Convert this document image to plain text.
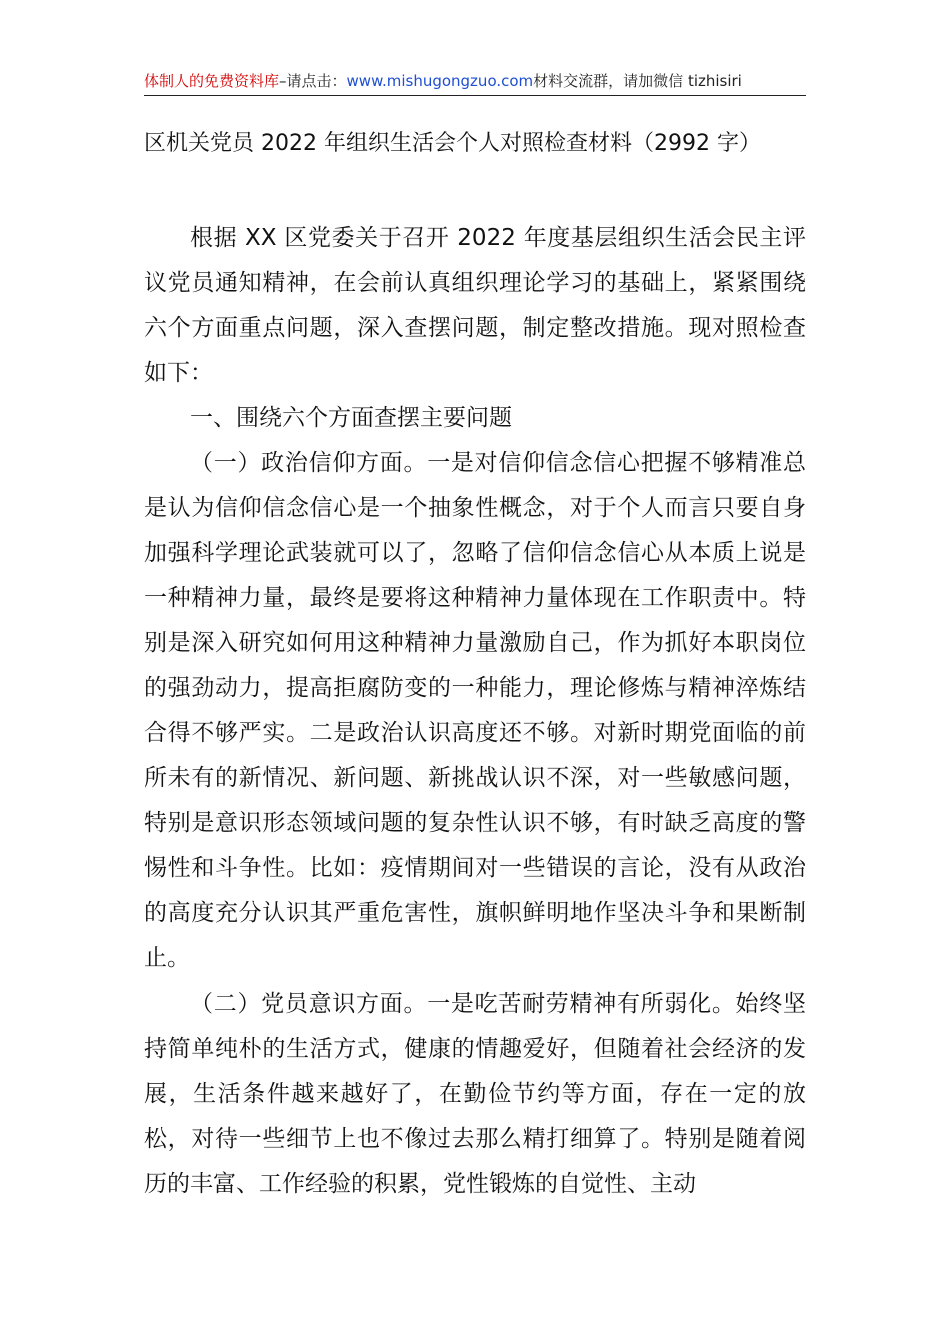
体制人的免费资料库–请点击：www.mishugongzuo.com材料交流群，请加微信 tizhisiri
区机关党员 2022 年组织生活会个人对照检查材料（2992 字）

根据 XX 区党委关于召开 2022 年度基层组织生活会民主评议党员通知精神，在会前认真组织理论学习的基础上，紧紧围绕六个方面重点问题，深入查摆问题，制定整改措施。现对照检查如下：

一、围绕六个方面查摆主要问题

（一）政治信仰方面。一是对信仰信念信心把握不够精准总是认为信仰信念信心是一个抽象性概念，对于个人而言只要自身加强科学理论武装就可以了，忽略了信仰信念信心从本质上说是一种精神力量，最终是要将这种精神力量体现在工作职责中。特别是深入研究如何用这种精神力量激励自己，作为抓好本职岗位的强劲动力，提高拒腐防变的一种能力，理论修炼与精神淬炼结合得不够严实。二是政治认识高度还不够。对新时期党面临的前所未有的新情况、新问题、新挑战认识不深，对一些敏感问题，特别是意识形态领域问题的复杂性认识不够，有时缺乏高度的警惕性和斗争性。比如：疫情期间对一些错误的言论，没有从政治的高度充分认识其严重危害性，旗帜鲜明地作坚决斗争和果断制止。

（二）党员意识方面。一是吃苦耐劳精神有所弱化。始终坚持简单纯朴的生活方式，健康的情趣爱好，但随着社会经济的发展，生活条件越来越好了，在勤俭节约等方面，存在一定的放松，对待一些细节上也不像过去那么精打细算了。特别是随着阅历的丰富、工作经验的积累，党性锻炼的自觉性、主动
